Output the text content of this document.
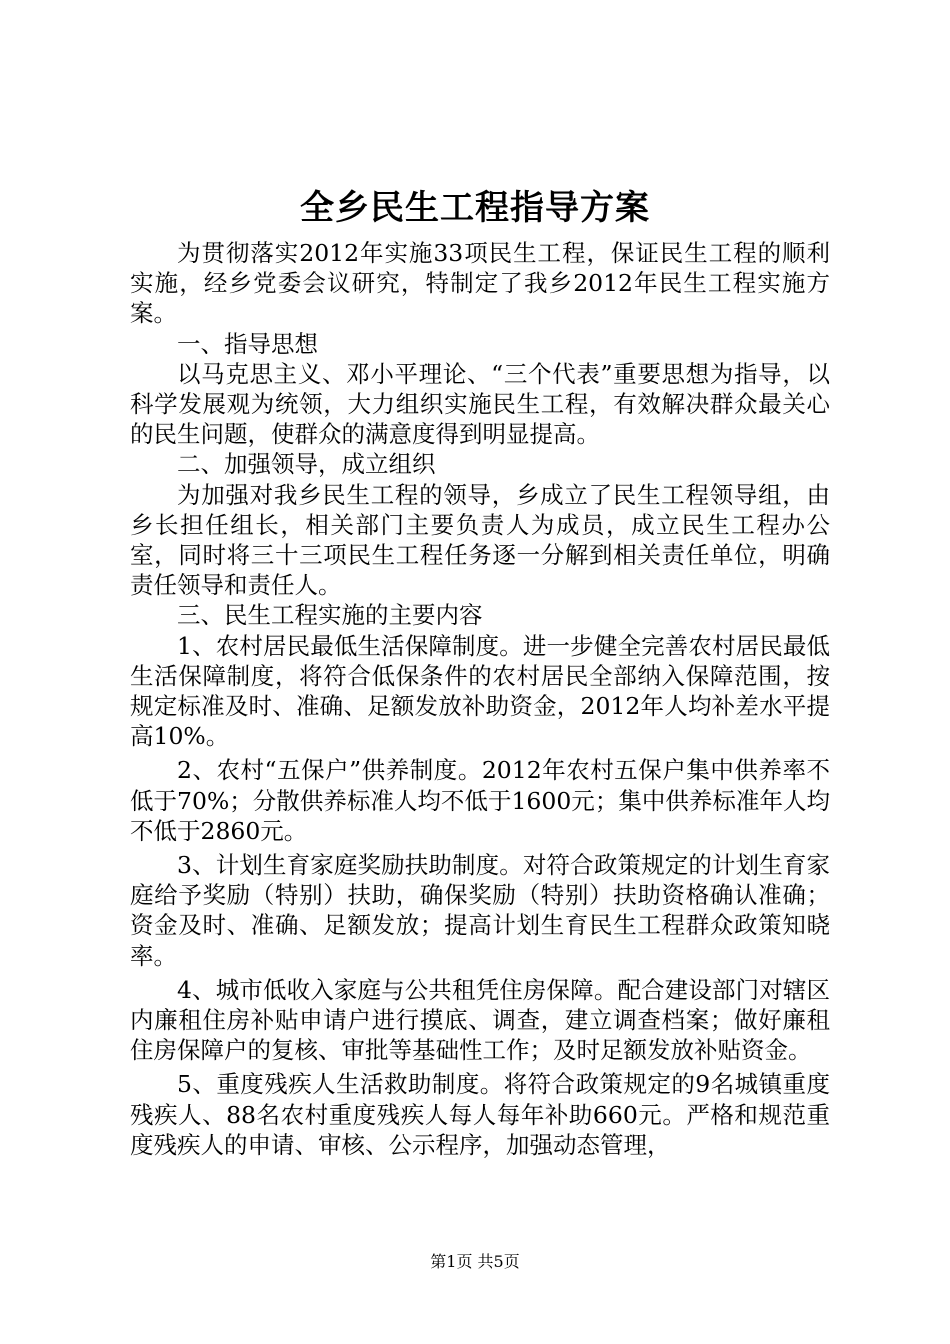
全乡民生工程指导方案

为贯彻落实2012年实施33项民生工程，保证民生工程的顺利实施，经乡党委会议研究，特制定了我乡2012年民生工程实施方案。

一、指导思想

以马克思主义、邓小平理论、“三个代表”重要思想为指导，以科学发展观为统领，大力组织实施民生工程，有效解决群众最关心的民生问题，使群众的满意度得到明显提高。

二、加强领导，成立组织

为加强对我乡民生工程的领导，乡成立了民生工程领导组，由乡长担任组长，相关部门主要负责人为成员，成立民生工程办公室，同时将三十三项民生工程任务逐一分解到相关责任单位，明确责任领导和责任人。

三、民生工程实施的主要内容

1、农村居民最低生活保障制度。进一步健全完善农村居民最低生活保障制度，将符合低保条件的农村居民全部纳入保障范围，按规定标准及时、准确、足额发放补助资金，2012年人均补差水平提高10%。

2、农村“五保户”供养制度。2012年农村五保户集中供养率不低于70%；分散供养标准人均不低于1600元；集中供养标准年人均不低于2860元。

3、计划生育家庭奖励扶助制度。对符合政策规定的计划生育家庭给予奖励（特别）扶助，确保奖励（特别）扶助资格确认准确；资金及时、准确、足额发放；提高计划生育民生工程群众政策知晓率。

4、城市低收入家庭与公共租凭住房保障。配合建设部门对辖区内廉租住房补贴申请户进行摸底、调查，建立调查档案；做好廉租住房保障户的复核、审批等基础性工作；及时足额发放补贴资金。

5、重度残疾人生活救助制度。将符合政策规定的9名城镇重度残疾人、88名农村重度残疾人每人每年补助660元。严格和规范重度残疾人的申请、审核、公示程序，加强动态管理，

第1页 共5页
